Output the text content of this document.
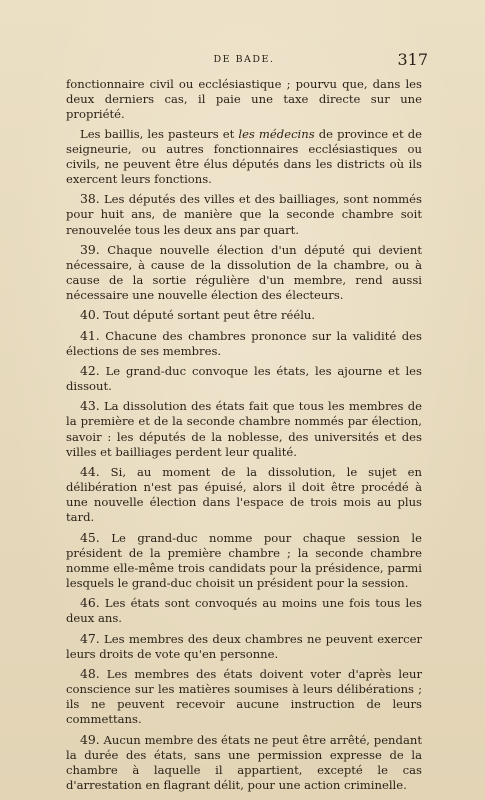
DE BADE.	317

fonctionnaire civil ou ecclésiastique ; pourvu que, dans les deux derniers cas, il paie une taxe directe sur une propriété.

Les baillis, les pasteurs et les médecins de province et de seigneurie, ou autres fonctionnaires ecclésiastiques ou civils, ne peuvent être élus députés dans les districts où ils exercent leurs fonctions.

38. Les députés des villes et des bailliages, sont nommés pour huit ans, de manière que la seconde chambre soit renouvelée tous les deux ans par quart.

39. Chaque nouvelle élection d'un député qui devient nécessaire, à cause de la dissolution de la chambre, ou à cause de la sortie régulière d'un membre, rend aussi nécessaire une nouvelle élection des électeurs.

40. Tout député sortant peut être réélu.

41. Chacune des chambres prononce sur la validité des élections de ses membres.

42. Le grand-duc convoque les états, les ajourne et les dissout.

43. La dissolution des états fait que tous les membres de la première et de la seconde chambre nommés par élection, savoir : les députés de la noblesse, des universités et des villes et bailliages perdent leur qualité.

44. Si, au moment de la dissolution, le sujet en délibération n'est pas épuisé, alors il doit être procédé à une nouvelle élection dans l'espace de trois mois au plus tard.

45. Le grand-duc nomme pour chaque session le président de la première chambre ; la seconde chambre nomme elle-même trois candidats pour la présidence, parmi lesquels le grand-duc choisit un président pour la session.

46. Les états sont convoqués au moins une fois tous les deux ans.

47. Les membres des deux chambres ne peuvent exercer leurs droits de vote qu'en personne.

48. Les membres des états doivent voter d'après leur conscience sur les matières soumises à leurs délibérations ; ils ne peuvent recevoir aucune instruction de leurs commettans.

49. Aucun membre des états ne peut être arrêté, pendant la durée des états, sans une permission expresse de la chambre à laquelle il appartient, excepté le cas d'arrestation en flagrant délit, pour une action criminelle.
